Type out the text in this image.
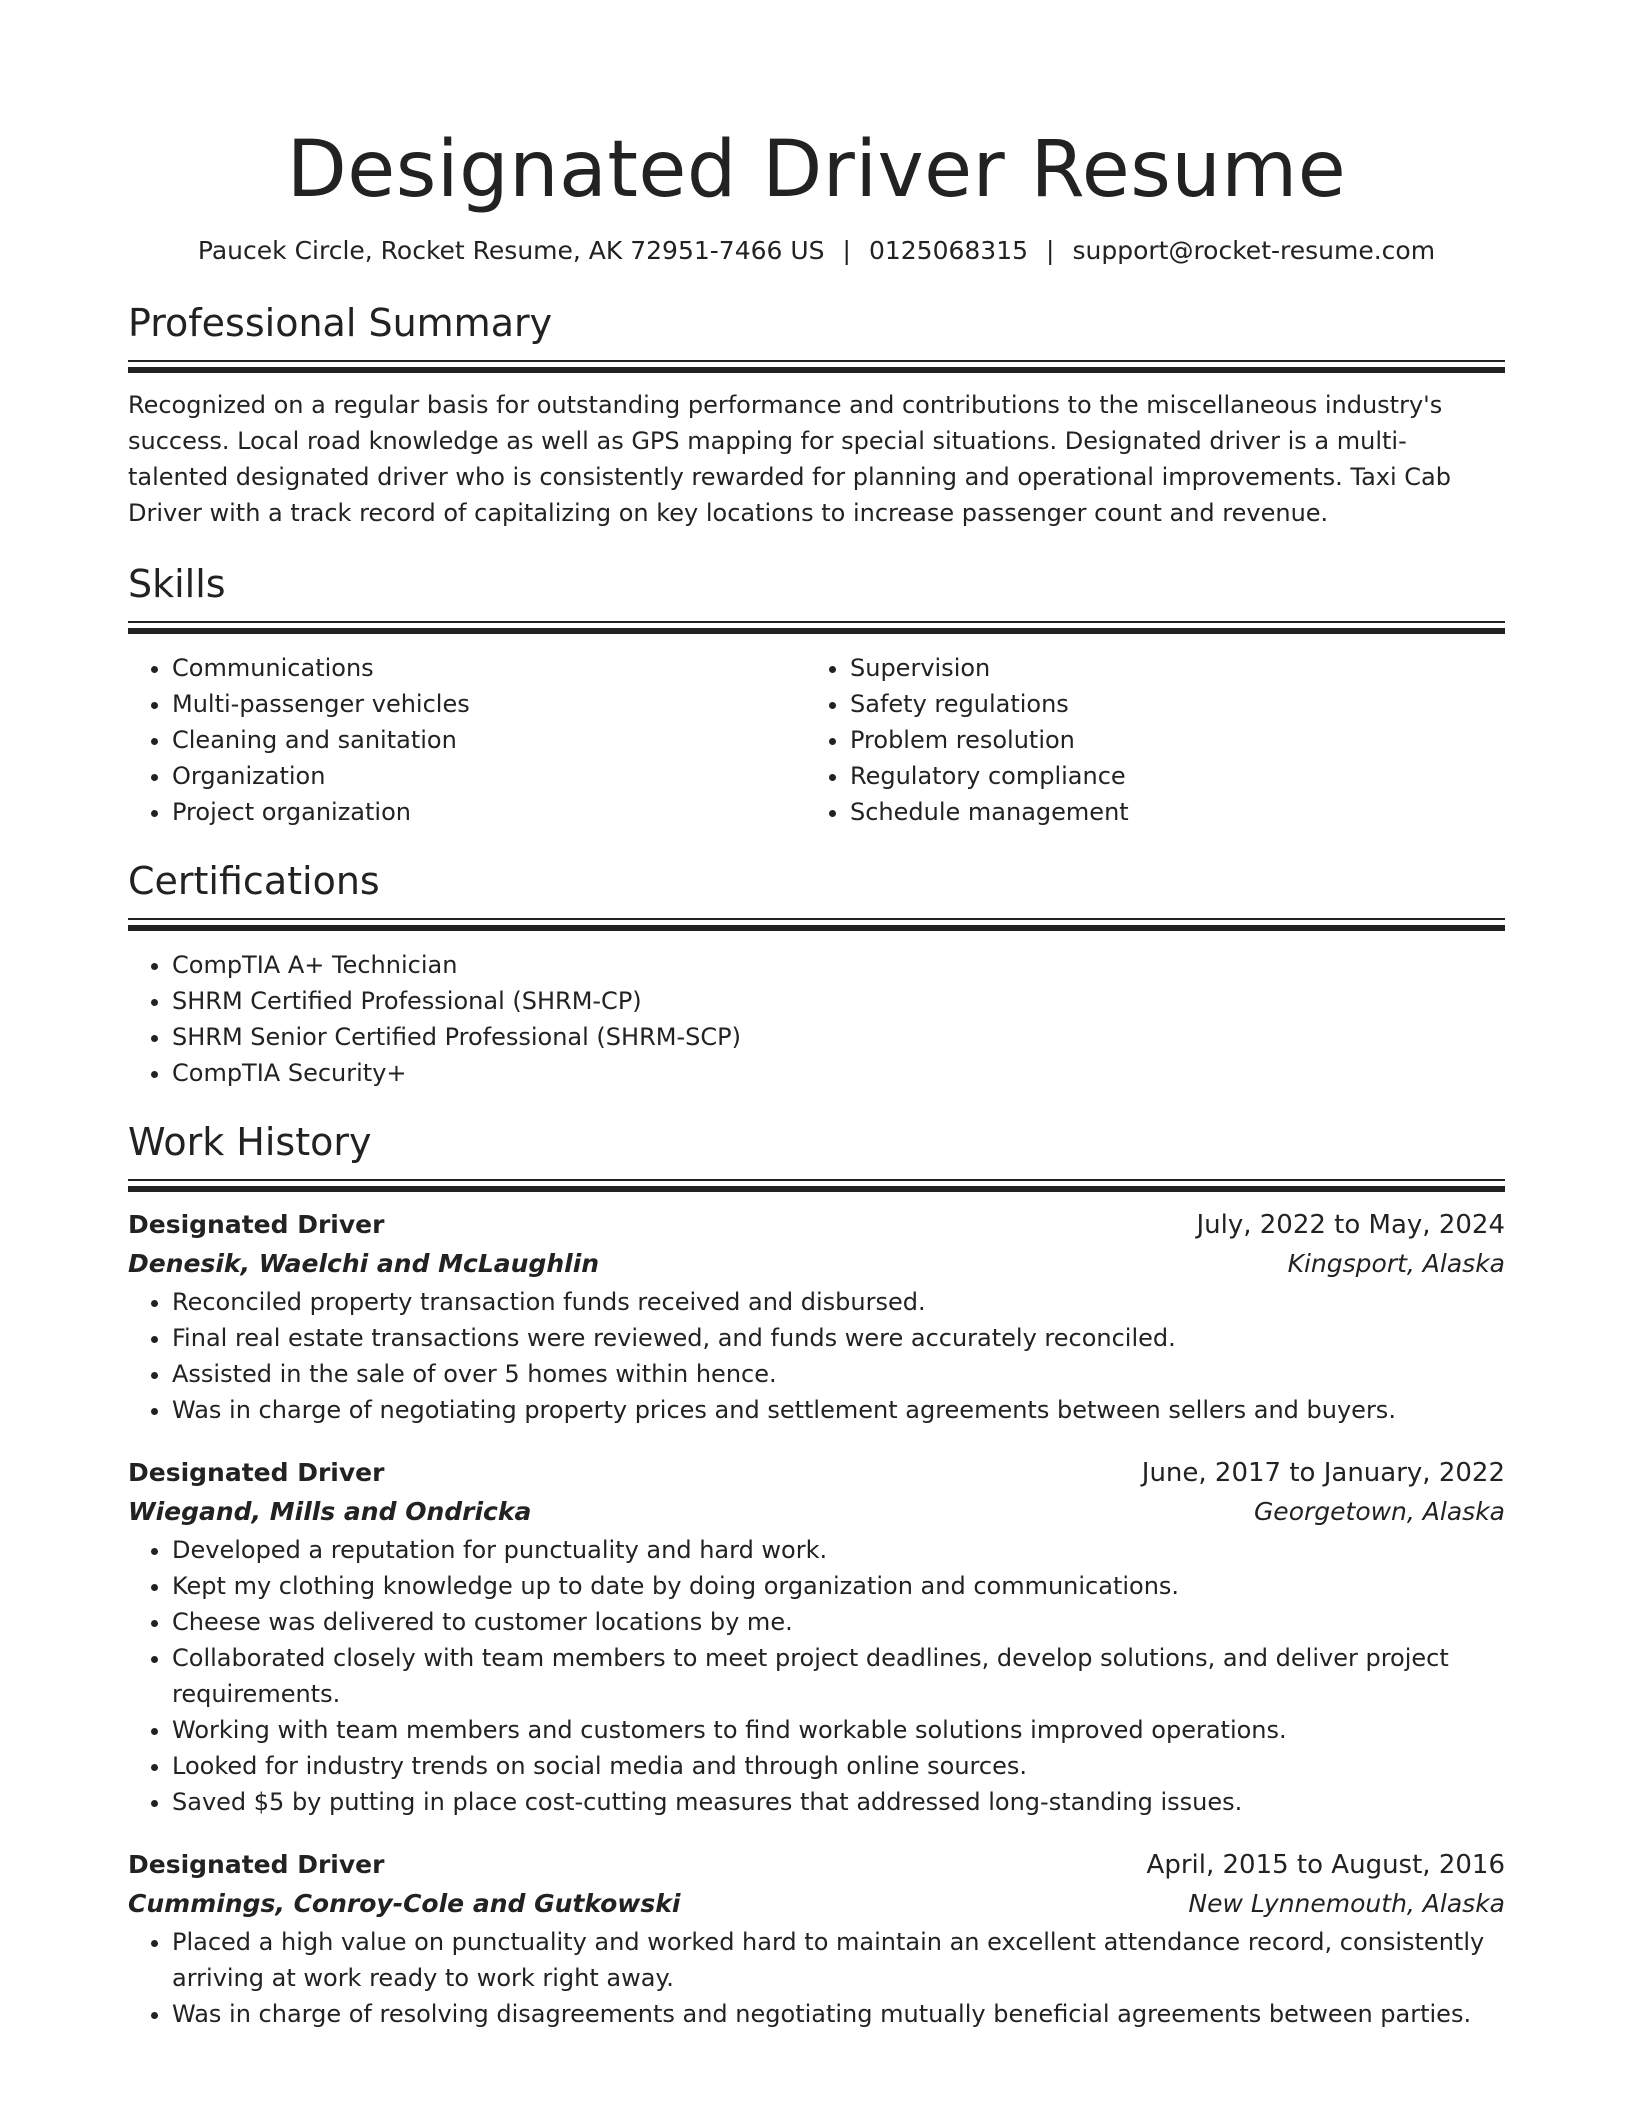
Designated Driver Resume
Paucek Circle, Rocket Resume, AK 72951-7466 US | 0125068315 | support@rocket-resume.com
Professional Summary

Recognized on a regular basis for outstanding performance and contributions to the miscellaneous industry's success. Local road knowledge as well as GPS mapping for special situations. Designated driver is a multi-talented designated driver who is consistently rewarded for planning and operational improvements. Taxi Cab Driver with a track record of capitalizing on key locations to increase passenger count and revenue.

Skills
• Communications
• Multi-passenger vehicles
• Cleaning and sanitation
• Organization
• Project organization
• Supervision
• Safety regulations
• Problem resolution
• Regulatory compliance
• Schedule management
Certifications
• CompTIA A+ Technician
• SHRM Certified Professional (SHRM-CP)
• SHRM Senior Certified Professional (SHRM-SCP)
• CompTIA Security+
Work History
Designated Driver	July, 2022 to May, 2024
Denesik, Waelchi and McLaughlin	Kingsport, Alaska
• Reconciled property transaction funds received and disbursed.
• Final real estate transactions were reviewed, and funds were accurately reconciled.
• Assisted in the sale of over 5 homes within hence.
• Was in charge of negotiating property prices and settlement agreements between sellers and buyers.
Designated Driver	June, 2017 to January, 2022
Wiegand, Mills and Ondricka	Georgetown, Alaska
• Developed a reputation for punctuality and hard work.
• Kept my clothing knowledge up to date by doing organization and communications.
• Cheese was delivered to customer locations by me.
• Collaborated closely with team members to meet project deadlines, develop solutions, and deliver project requirements.
• Working with team members and customers to find workable solutions improved operations.
• Looked for industry trends on social media and through online sources.
• Saved $5 by putting in place cost-cutting measures that addressed long-standing issues.
Designated Driver	April, 2015 to August, 2016
Cummings, Conroy-Cole and Gutkowski	New Lynnemouth, Alaska
• Placed a high value on punctuality and worked hard to maintain an excellent attendance record, consistently arriving at work ready to work right away.
• Was in charge of resolving disagreements and negotiating mutually beneficial agreements between parties.
